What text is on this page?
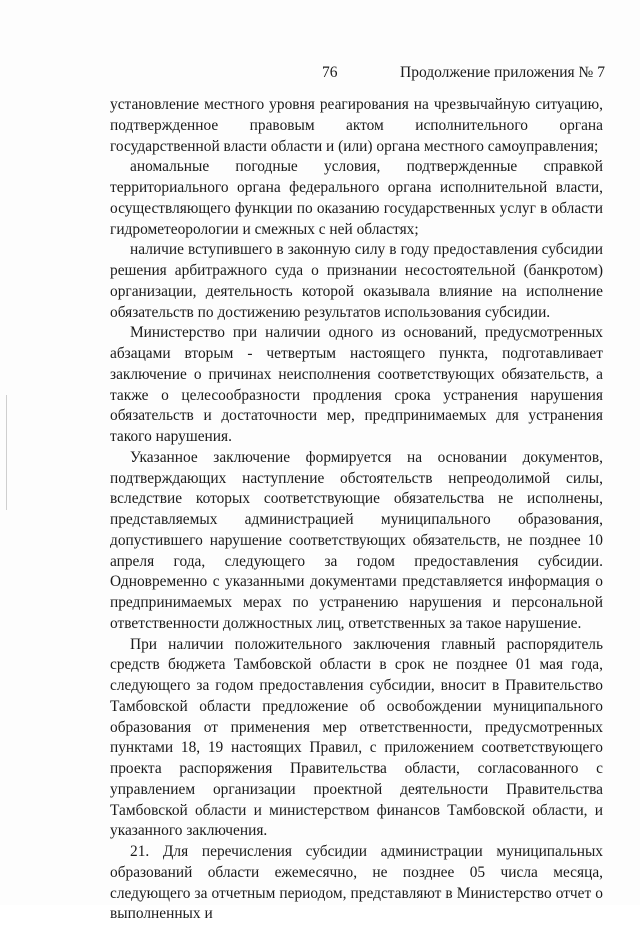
76	Продолжение приложения № 7

установление местного уровня реагирования на чрезвычайную ситуацию, подтвержденное правовым актом исполнительного органа государственной власти области и (или) органа местного самоуправления;

аномальные погодные условия, подтвержденные справкой территориального органа федерального органа исполнительной власти, осуществляющего функции по оказанию государственных услуг в области гидрометеорологии и смежных с ней областях;

наличие вступившего в законную силу в году предоставления субсидии решения арбитражного суда о признании несостоятельной (банкротом) организации, деятельность которой оказывала влияние на исполнение обязательств по достижению результатов использования субсидии.

Министерство при наличии одного из оснований, предусмотренных абзацами вторым - четвертым настоящего пункта, подготавливает заключение о причинах неисполнения соответствующих обязательств, а также о целесообразности продления срока устранения нарушения обязательств и достаточности мер, предпринимаемых для устранения такого нарушения.

Указанное заключение формируется на основании документов, подтверждающих наступление обстоятельств непреодолимой силы, вследствие которых соответствующие обязательства не исполнены, представляемых администрацией муниципального образования, допустившего нарушение соответствующих обязательств, не позднее 10 апреля года, следующего за годом предоставления субсидии. Одновременно с указанными документами представляется информация о предпринимаемых мерах по устранению нарушения и персональной ответственности должностных лиц, ответственных за такое нарушение.

При наличии положительного заключения главный распорядитель средств бюджета Тамбовской области в срок не позднее 01 мая года, следующего за годом предоставления субсидии, вносит в Правительство Тамбовской области предложение об освобождении муниципального образования от применения мер ответственности, предусмотренных пунктами 18, 19 настоящих Правил, с приложением соответствующего проекта распоряжения Правительства области, согласованного с управлением организации проектной деятельности Правительства Тамбовской области и министерством финансов Тамбовской области, и указанного заключения.

21. Для перечисления субсидии администрации муниципальных образований области ежемесячно, не позднее 05 числа месяца, следующего за отчетным периодом, представляют в Министерство отчет о выполненных и
